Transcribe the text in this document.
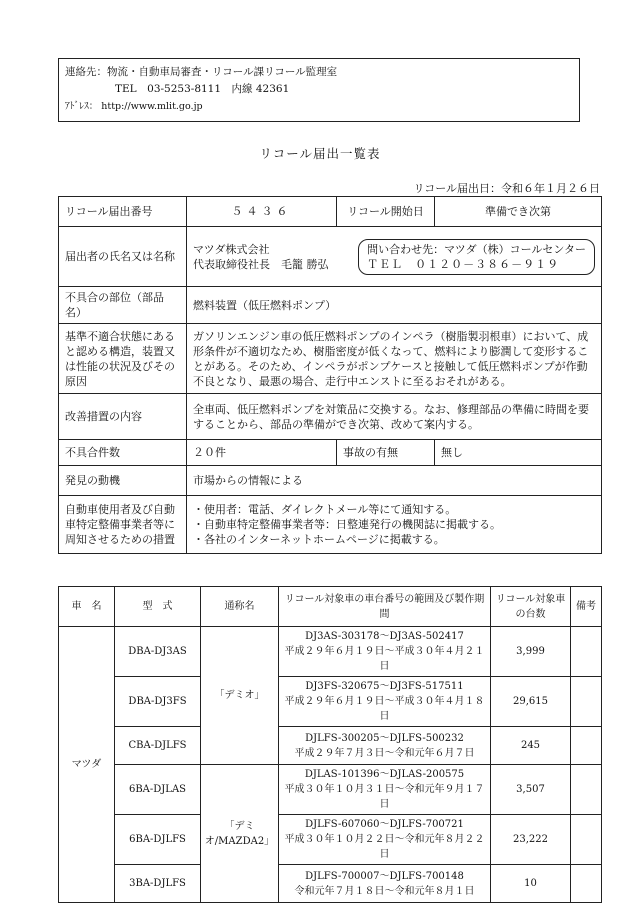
連絡先：物流・自動車局審査・リコール課リコール監理室
TEL　03-5253-8111　内線 42361
ｱﾄﾞﾚｽ： http://www.mlit.go.jp
リコール届出一覧表
リコール届出日：令和６年１月２６日
リコール届出番号	５４３６	リコール開始日	準備でき次第
届出者の氏名又は名称	マツダ株式会社
代表取締役社長　毛籠 勝弘
問い合わせ先：マツダ（株）コールセンター
ＴＥＬ　０１２０－３８６－９１９		

不具合の部位（部品名）	燃料装置（低圧燃料ポンプ）		
基準不適合状態にあると認める構造，装置又は性能の状況及びその原因	ガソリンエンジン車の低圧燃料ポンプのインペラ（樹脂製羽根車）において、成形条件が不適切なため、樹脂密度が低くなって、燃料により膨潤して変形することがある。そのため、インペラがポンプケースと接触して低圧燃料ポンプが作動不良となり、最悪の場合、走行中エンストに至るおそれがある。		
改善措置の内容	全車両、低圧燃料ポンプを対策品に交換する。なお、修理部品の準備に時間を要することから、部品の準備ができ次第、改めて案内する。		
不具合件数	２０件	事故の有無	無し
発見の動機	市場からの情報による		
自動車使用者及び自動車特定整備事業者等に周知させるための措置	・使用者：電話、ダイレクトメール等にて通知する。
・自動車特定整備事業者等：日整連発行の機関誌に掲載する。
・各社のインターネットホームページに掲載する。		
車　名	型　式	通称名	リコール対象車の車台番号の範囲及び製作期間	リコール対象車の台数	備考
マツダ	DBA-DJ3AS	「デミオ」	DJ3AS-303178〜DJ3AS-502417
平成２９年６月１９日〜平成３０年４月２１日	3,999	
	DBA-DJ3FS		DJ3FS-320675〜DJ3FS-517511
平成２９年６月１９日〜平成３０年４月１８日	29,615	
	CBA-DJLFS		DJLFS-300205〜DJLFS-500232
平成２９年７月３日〜令和元年６月７日	245	
	6BA-DJLAS	「デミオ/MAZDA2」	DJLAS-101396〜DJLAS-200575
平成３０年１０月３１日〜令和元年９月１７日	3,507	
	6BA-DJLFS		DJLFS-607060〜DJLFS-700721
平成３０年１０月２２日〜令和元年８月２２日	23,222	
	3BA-DJLFS		DJLFS-700007〜DJLFS-700148
令和元年７月１８日〜令和元年８月１日	10	
